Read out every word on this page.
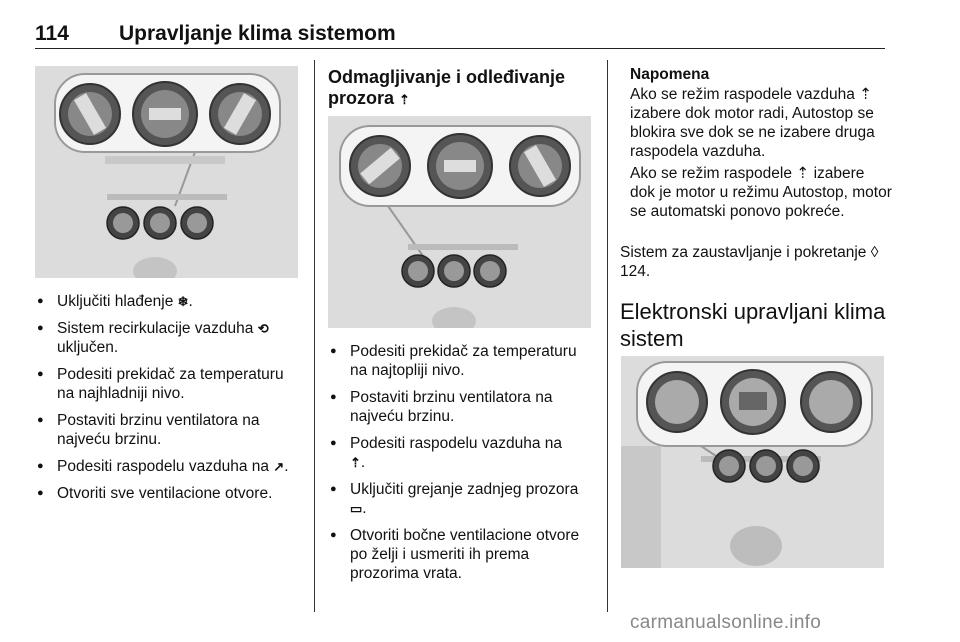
114 Upravljanje klima sistemom
● Uključiti hlađenje ❄.
● Sistem recirkulacije vazduha ⟲ uključen.
● Podesiti prekidač za temperaturu na najhladniji nivo.
● Postaviti brzinu ventilatora na najveću brzinu.
● Podesiti raspodelu vazduha na ↗.
● Otvoriti sve ventilacione otvore.
Odmagljivanje i odleđivanje prozora ⇡
● Podesiti prekidač za temperaturu na najtopliji nivo.
● Postaviti brzinu ventilatora na najveću brzinu.
● Podesiti raspodelu vazduha na
⇡.
● Uključiti grejanje zadnjeg prozora
▭.
● Otvoriti bočne ventilacione otvore po želji i usmeriti ih prema prozorima vrata.
Napomena
Ako se režim raspodele vazduha ⇡ izabere dok motor radi, Autostop se blokira sve dok se ne izabere druga raspodela vazduha.
Ako se režim raspodele ⇡ izabere dok je motor u režimu Autostop, motor se automatski ponovo pokreće.
Sistem za zaustavljanje i pokretanje ◊ 124.
Elektronski upravljani klima sistem
carmanualsonline.info
